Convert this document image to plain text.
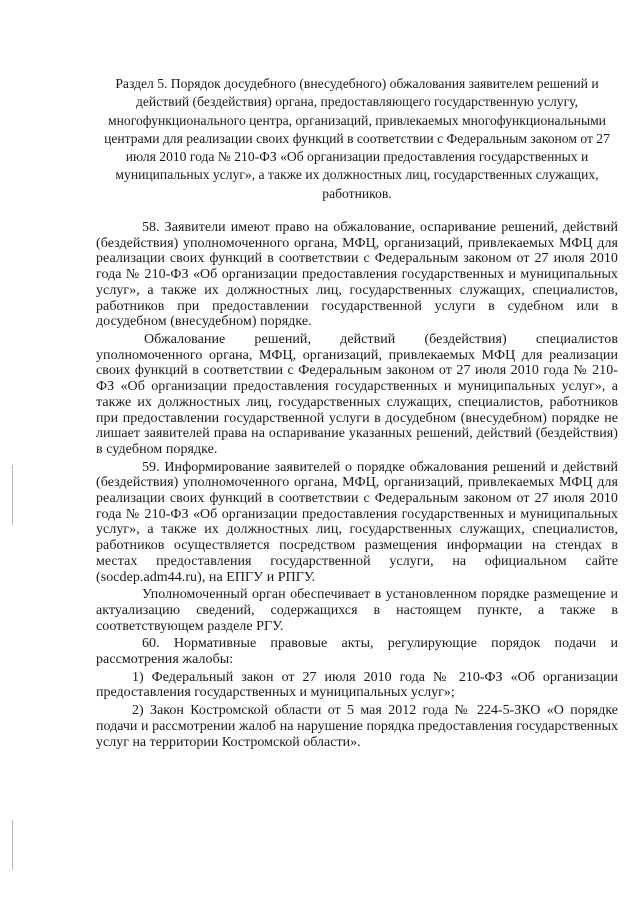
Раздел 5. Порядок досудебного (внесудебного) обжалования заявителем решений и действий (бездействия) органа, предоставляющего государственную услугу, многофункционального центра, организаций, привлекаемых многофункциональными центрами для реализации своих функций в соответствии с Федеральным законом от 27 июля 2010 года № 210-ФЗ «Об организации предоставления государственных и муниципальных услуг», а также их должностных лиц, государственных служащих, работников.

58. Заявители имеют право на обжалование, оспаривание решений, действий (бездействия) уполномоченного органа, МФЦ, организаций, привлекаемых МФЦ для реализации своих функций в соответствии с Федеральным законом от 27 июля 2010 года № 210-ФЗ «Об организации предоставления государственных и муниципальных услуг», а также их должностных лиц, государственных служащих, специалистов, работников при предоставлении государственной услуги в судебном или в досудебном (внесудебном) порядке.

Обжалование решений, действий (бездействия) специалистов уполномоченного органа, МФЦ, организаций, привлекаемых МФЦ для реализации своих функций в соответствии с Федеральным законом от 27 июля 2010 года № 210-ФЗ «Об организации предоставления государственных и муниципальных услуг», а также их должностных лиц, государственных служащих, специалистов, работников при предоставлении государственной услуги в досудебном (внесудебном) порядке не лишает заявителей права на оспаривание указанных решений, действий (бездействия) в судебном порядке.

59. Информирование заявителей о порядке обжалования решений и действий (бездействия) уполномоченного органа, МФЦ, организаций, привлекаемых МФЦ для реализации своих функций в соответствии с Федеральным законом от 27 июля 2010 года № 210-ФЗ «Об организации предоставления государственных и муниципальных услуг», а также их должностных лиц, государственных служащих, специалистов, работников осуществляется посредством размещения информации на стендах в местах предоставления государственной услуги, на официальном сайте (socdep.adm44.ru), на ЕПГУ и РПГУ.

Уполномоченный орган обеспечивает в установленном порядке размещение и актуализацию сведений, содержащихся в настоящем пункте, а также в соответствующем разделе РГУ.

60. Нормативные правовые акты, регулирующие порядок подачи и рассмотрения жалобы:

1) Федеральный закон от 27 июля 2010 года № 210-ФЗ «Об организации предоставления государственных и муниципальных услуг»;

2) Закон Костромской области от 5 мая 2012 года № 224-5-ЗКО «О порядке подачи и рассмотрении жалоб на нарушение порядка предоставления государственных услуг на территории Костромской области».
